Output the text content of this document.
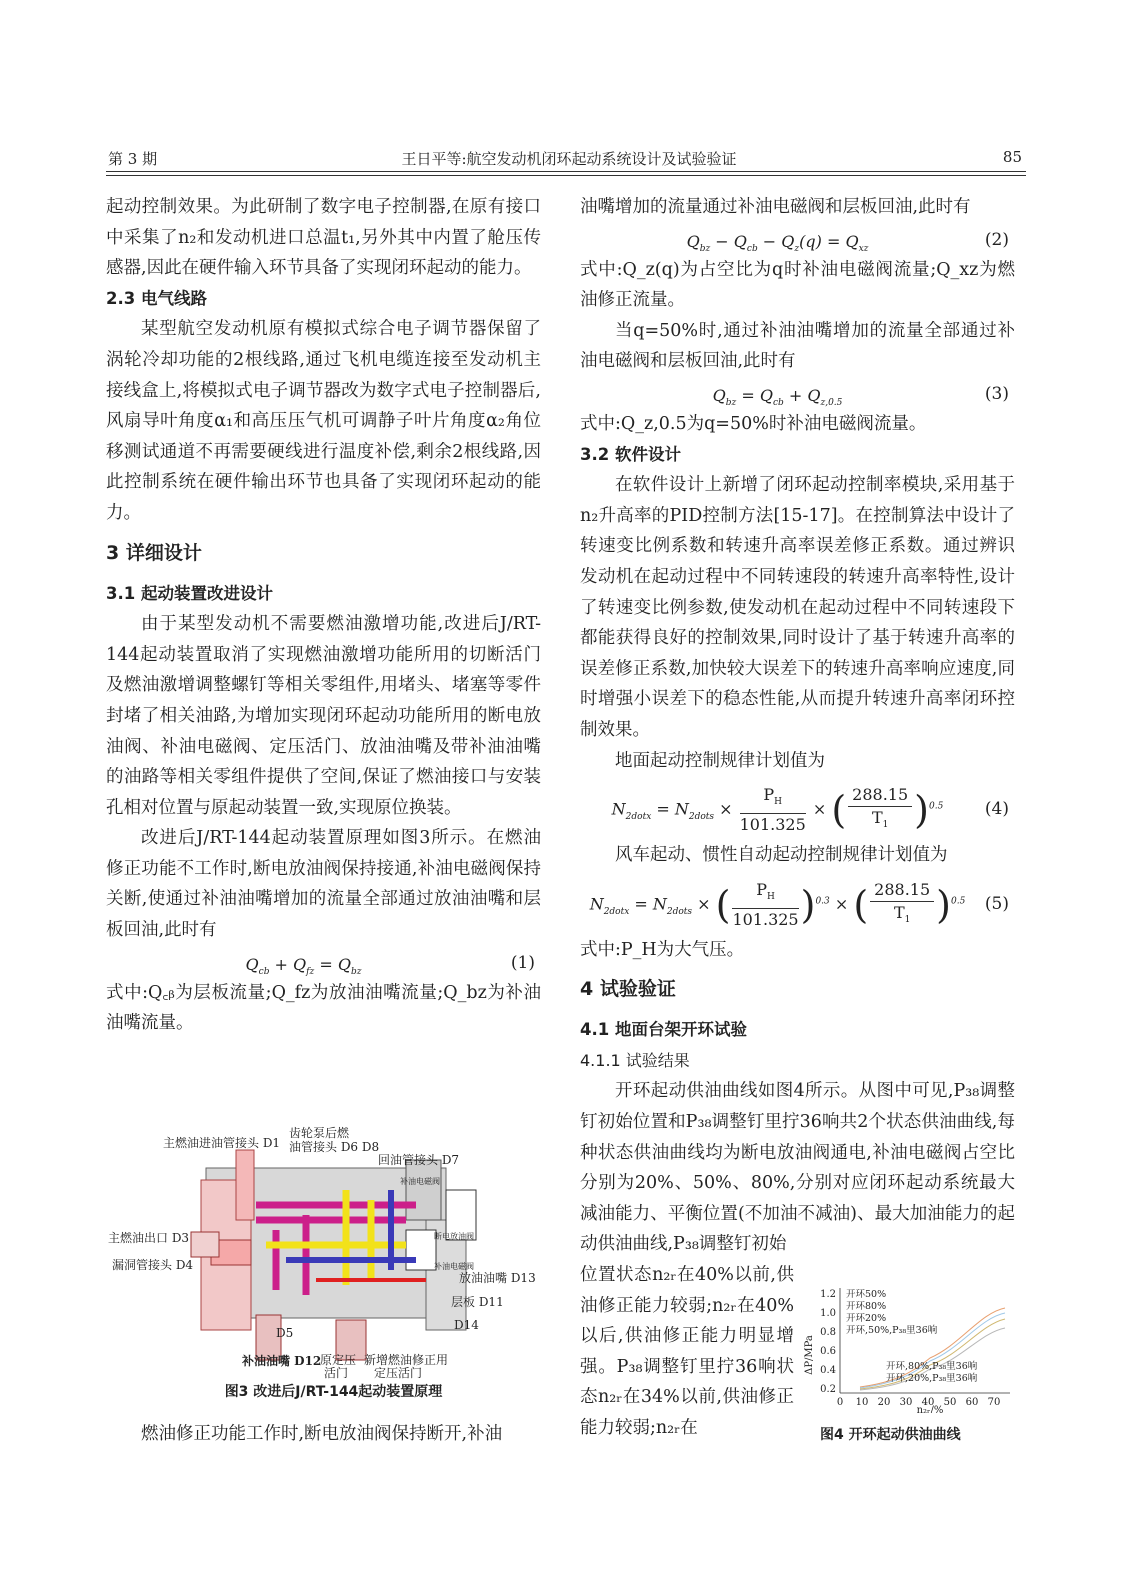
第 3 期	王日平等:航空发动机闭环起动系统设计及试验验证	85

起动控制效果。为此研制了数字电子控制器,在原有接口中采集了n₂和发动机进口总温t₁,另外其中内置了舱压传感器,因此在硬件输入环节具备了实现闭环起动的能力。

2.3 电气线路

某型航空发动机原有模拟式综合电子调节器保留了涡轮冷却功能的2根线路,通过飞机电缆连接至发动机主接线盒上,将模拟式电子调节器改为数字式电子控制器后,风扇导叶角度α₁和高压压气机可调静子叶片角度α₂角位移测试通道不再需要硬线进行温度补偿,剩余2根线路,因此控制系统在硬件输出环节也具备了实现闭环起动的能力。

3 详细设计

3.1 起动装置改进设计

由于某型发动机不需要燃油激增功能,改进后J/RT-144起动装置取消了实现燃油激增功能所用的切断活门及燃油激增调整螺钉等相关零组件,用堵头、堵塞等零件封堵了相关油路,为增加实现闭环起动功能所用的断电放油阀、补油电磁阀、定压活门、放油油嘴及带补油油嘴的油路等相关零组件提供了空间,保证了燃油接口与安装孔相对位置与原起动装置一致,实现原位换装。

改进后J/RT-144起动装置原理如图3所示。在燃油修正功能不工作时,断电放油阀保持接通,补油电磁阀保持关断,使通过补油油嘴增加的流量全部通过放油油嘴和层板回油,此时有

$Q_{cb} + Q_{fz} = Q_{bz}$	(1)

式中:Q꜀ᵦ为层板流量;Q_fz为放油油嘴流量;Q_bz为补油油嘴流量。

主燃油进油管接头 D1
齿轮泵后燃
油管接头 D6 D8
回油管接头 D7
主燃油出口 D3
漏洞管接头 D4
放油油嘴 D13
层板 D11
D14
D5
补油油嘴 D12
原定压
活门
新增燃油修正用
定压活门
补油电磁阀
断电放油阀
补油电磁阀
图3 改进后J/RT-144起动装置原理
燃油修正功能工作时,断电放油阀保持断开,补油

油嘴增加的流量通过补油电磁阀和层板回油,此时有

$Q_{bz} - Q_{cb} - Q_z(q) = Q_{xz}$	(2)

式中:Q_z(q)为占空比为q时补油电磁阀流量;Q_xz为燃油修正流量。

当q=50%时,通过补油油嘴增加的流量全部通过补油电磁阀和层板回油,此时有

$Q_{bz} = Q_{cb} + Q_{z,0.5}$	(3)

式中:Q_z,0.5为q=50%时补油电磁阀流量。

3.2 软件设计

在软件设计上新增了闭环起动控制率模块,采用基于n₂升高率的PID控制方法[15-17]。在控制算法中设计了转速变比例系数和转速升高率误差修正系数。通过辨识发动机在起动过程中不同转速段的转速升高率特性,设计了转速变比例参数,使发动机在起动过程中不同转速段下都能获得良好的控制效果,同时设计了基于转速升高率的误差修正系数,加快较大误差下的转速升高率响应速度,同时增强小误差下的稳态性能,从而提升转速升高率闭环控制效果。

地面起动控制规律计划值为

$N_{2dotx} = N_{2dots} \times \frac{P_H}{101.325}$ × ( $\frac{288.15}{T_1} )^{0.5}$	(4)

风车起动、惯性自动起动控制规律计划值为

$N_{2dotx} = N_{2dots}$ × ( $\frac{P_H}{101.325} )^{0.3}$ × ( $\frac{288.15}{T_1} )^{0.5}$	(5)

式中:P_H为大气压。

4 试验验证

4.1 地面台架开环试验

4.1.1 试验结果

开环起动供油曲线如图4所示。从图中可见,P₃₈调整钉初始位置和P₃₈调整钉里拧36响共2个状态供油曲线,每种状态供油曲线均为断电放油阀通电,补油电磁阀占空比分别为20%、50%、80%,分别对应闭环起动系统最大减油能力、平衡位置(不加油不减油)、最大加油能力的起动供油曲线,P₃₈调整钉初始

位置状态n₂ᵣ在40%以前,供油修正能力较弱;n₂ᵣ在40%以后,供油修正能力明显增强。P₃₈调整钉里拧36响状态n₂ᵣ在34%以前,供油修正能力较弱;n₂ᵣ在

1.2
1.0
0.8
0.6
0.4
0.2
0 10 20 30 40 50 60 70
ΔP/MPa
n₂ᵣ/%
开环50%
开环80%
开环20%
开环,50%,P₃₈里36响
开环,80%,P₃₈里36响
开环,20%,P₃₈里36响
图4 开环起动供油曲线
